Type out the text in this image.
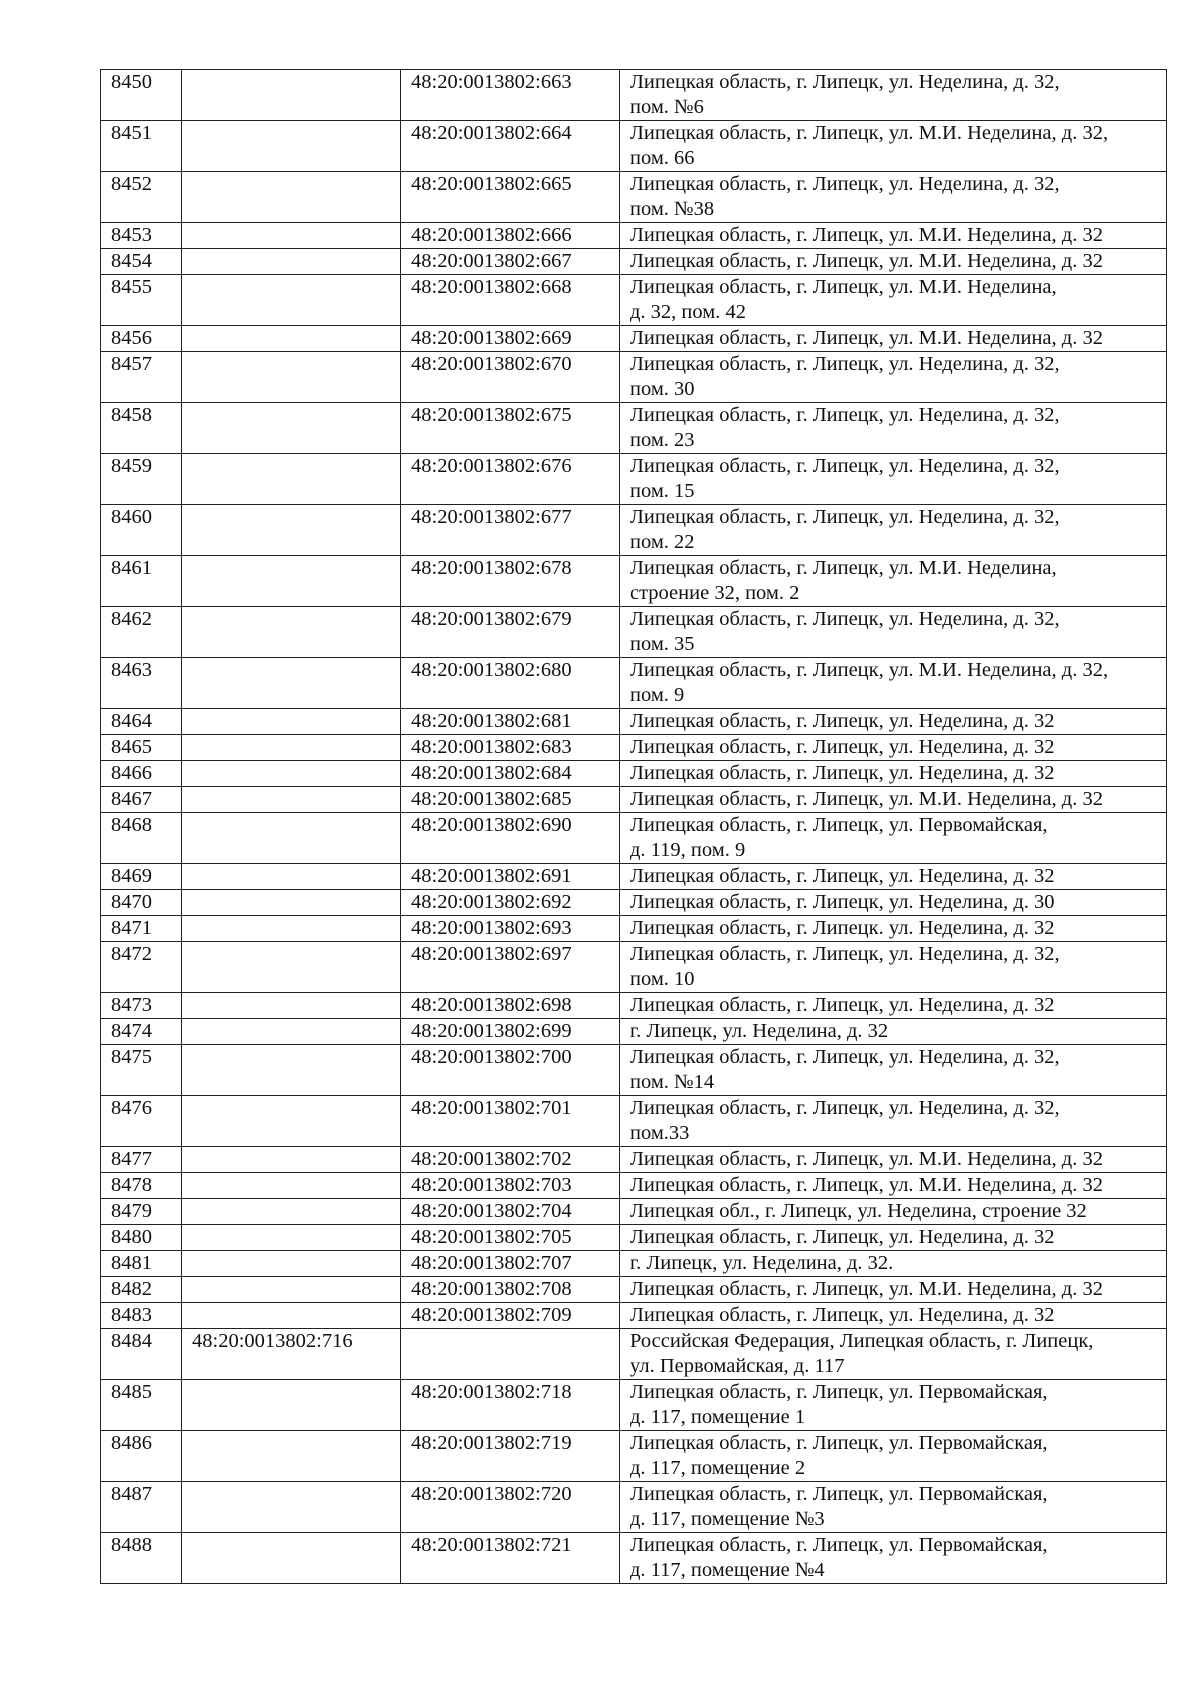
8450		48:20:0013802:663	Липецкая область, г. Липецк, ул. Неделина, д. 32,
пом. №6
8451		48:20:0013802:664	Липецкая область, г. Липецк, ул. М.И. Неделина, д. 32,
пом. 66
8452		48:20:0013802:665	Липецкая область, г. Липецк, ул. Неделина, д. 32,
пом. №38
8453		48:20:0013802:666	Липецкая область, г. Липецк, ул. М.И. Неделина, д. 32
8454		48:20:0013802:667	Липецкая область, г. Липецк, ул. М.И. Неделина, д. 32
8455		48:20:0013802:668	Липецкая область, г. Липецк, ул. М.И. Неделина,
д. 32, пом. 42
8456		48:20:0013802:669	Липецкая область, г. Липецк, ул. М.И. Неделина, д. 32
8457		48:20:0013802:670	Липецкая область, г. Липецк, ул. Неделина, д. 32,
пом. 30
8458		48:20:0013802:675	Липецкая область, г. Липецк, ул. Неделина, д. 32,
пом. 23
8459		48:20:0013802:676	Липецкая область, г. Липецк, ул. Неделина, д. 32,
пом. 15
8460		48:20:0013802:677	Липецкая область, г. Липецк, ул. Неделина, д. 32,
пом. 22
8461		48:20:0013802:678	Липецкая область, г. Липецк, ул. М.И. Неделина,
строение 32, пом. 2
8462		48:20:0013802:679	Липецкая область, г. Липецк, ул. Неделина, д. 32,
пом. 35
8463		48:20:0013802:680	Липецкая область, г. Липецк, ул. М.И. Неделина, д. 32,
пом. 9
8464		48:20:0013802:681	Липецкая область, г. Липецк, ул. Неделина, д. 32
8465		48:20:0013802:683	Липецкая область, г. Липецк, ул. Неделина, д. 32
8466		48:20:0013802:684	Липецкая область, г. Липецк, ул. Неделина, д. 32
8467		48:20:0013802:685	Липецкая область, г. Липецк, ул. М.И. Неделина, д. 32
8468		48:20:0013802:690	Липецкая область, г. Липецк, ул. Первомайская,
д. 119, пом. 9
8469		48:20:0013802:691	Липецкая область, г. Липецк, ул. Неделина, д. 32
8470		48:20:0013802:692	Липецкая область, г. Липецк, ул. Неделина, д. 30
8471		48:20:0013802:693	Липецкая область, г. Липецк. ул. Неделина, д. 32
8472		48:20:0013802:697	Липецкая область, г. Липецк, ул. Неделина, д. 32,
пом. 10
8473		48:20:0013802:698	Липецкая область, г. Липецк, ул. Неделина, д. 32
8474		48:20:0013802:699	г. Липецк, ул. Неделина, д. 32
8475		48:20:0013802:700	Липецкая область, г. Липецк, ул. Неделина, д. 32,
пом. №14
8476		48:20:0013802:701	Липецкая область, г. Липецк, ул. Неделина, д. 32,
пом.33
8477		48:20:0013802:702	Липецкая область, г. Липецк, ул. М.И. Неделина, д. 32
8478		48:20:0013802:703	Липецкая область, г. Липецк, ул. М.И. Неделина, д. 32
8479		48:20:0013802:704	Липецкая обл., г. Липецк, ул. Неделина, строение 32
8480		48:20:0013802:705	Липецкая область, г. Липецк, ул. Неделина, д. 32
8481		48:20:0013802:707	г. Липецк, ул. Неделина, д. 32.
8482		48:20:0013802:708	Липецкая область, г. Липецк, ул. М.И. Неделина, д. 32
8483		48:20:0013802:709	Липецкая область, г. Липецк, ул. Неделина, д. 32
8484	48:20:0013802:716		Российская Федерация, Липецкая область, г. Липецк,
ул. Первомайская, д. 117
8485		48:20:0013802:718	Липецкая область, г. Липецк, ул. Первомайская,
д. 117, помещение 1
8486		48:20:0013802:719	Липецкая область, г. Липецк, ул. Первомайская,
д. 117, помещение 2
8487		48:20:0013802:720	Липецкая область, г. Липецк, ул. Первомайская,
д. 117, помещение №3
8488		48:20:0013802:721	Липецкая область, г. Липецк, ул. Первомайская,
д. 117, помещение №4
